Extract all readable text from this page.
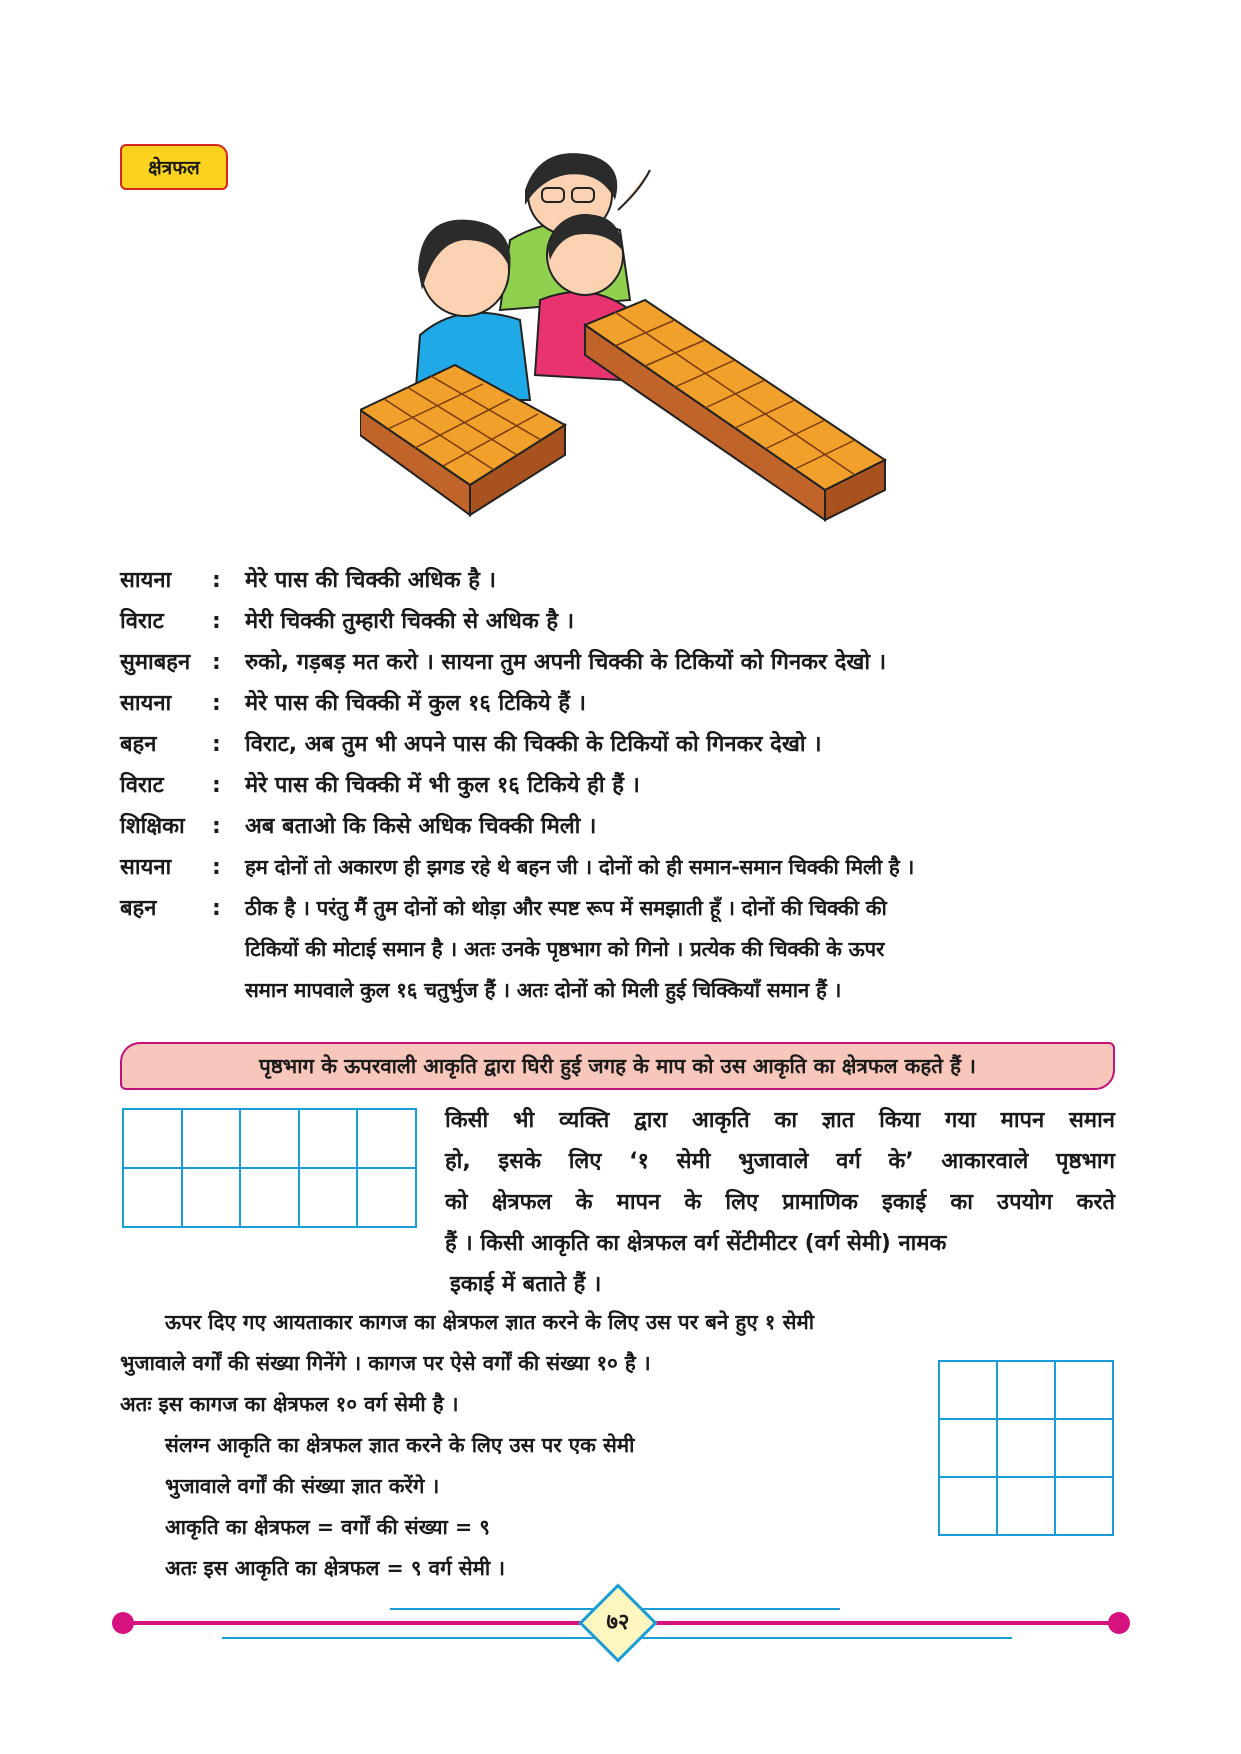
क्षेत्रफल
सायना : मेरे पास की चिक्की अधिक है ।
विराट : मेरी चिक्की तुम्हारी चिक्की से अधिक है ।
सुमाबहन : रुको, गड़बड़ मत करो । सायना तुम अपनी चिक्की के टिकियों को गिनकर देखो ।
सायना : मेरे पास की चिक्की में कुल १६ टिकिये हैं ।
बहन	: विराट, अब तुम भी अपने पास की चिक्की के टिकियों को गिनकर देखो ।
विराट : मेरे पास की चिक्की में भी कुल १६ टिकिये ही हैं ।
शिक्षिका : अब बताओ कि किसे अधिक चिक्की मिली ।
सायना : हम दोनों तो अकारण ही झगड रहे थे बहन जी । दोनों को ही समान-समान चिक्की मिली है ।
बहन	: ठीक है । परंतु मैं तुम दोनों को थोड़ा और स्पष्ट रूप में समझाती हूँ । दोनों की चिक्की की
टिकियों की मोटाई समान है । अतः उनके पृष्ठभाग को गिनो । प्रत्येक की चिक्की के ऊपर
समान मापवाले कुल १६ चतुर्भुज हैं । अतः दोनों को मिली हुई चिक्कियाँ समान हैं ।
पृष्ठभाग के ऊपरवाली आकृति द्वारा घिरी हुई जगह के माप को उस आकृति का क्षेत्रफल कहते हैं ।
किसी भी व्यक्ति द्वारा आकृति का ज्ञात किया गया मापन समान
हो, इसके लिए ‘१ सेमी भुजावाले वर्ग के’ आकारवाले पृष्ठभाग
को क्षेत्रफल के मापन के लिए प्रामाणिक इकाई का उपयोग करते
हैं । किसी आकृति का क्षेत्रफल वर्ग सेंटीमीटर (वर्ग सेमी) नामक
इकाई में बताते हैं ।
ऊपर दिए गए आयताकार कागज का क्षेत्रफल ज्ञात करने के लिए उस पर बने हुए १ सेमी
भुजावाले वर्गों की संख्या गिनेंगे । कागज पर ऐसे वर्गों की संख्या १० है ।
अतः इस कागज का क्षेत्रफल १० वर्ग सेमी है ।
संलग्न आकृति का क्षेत्रफल ज्ञात करने के लिए उस पर एक सेमी
भुजावाले वर्गों की संख्या ज्ञात करेंगे ।
आकृति का क्षेत्रफल = वर्गों की संख्या = ९
अतः इस आकृति का क्षेत्रफल = ९ वर्ग सेमी ।
७२
